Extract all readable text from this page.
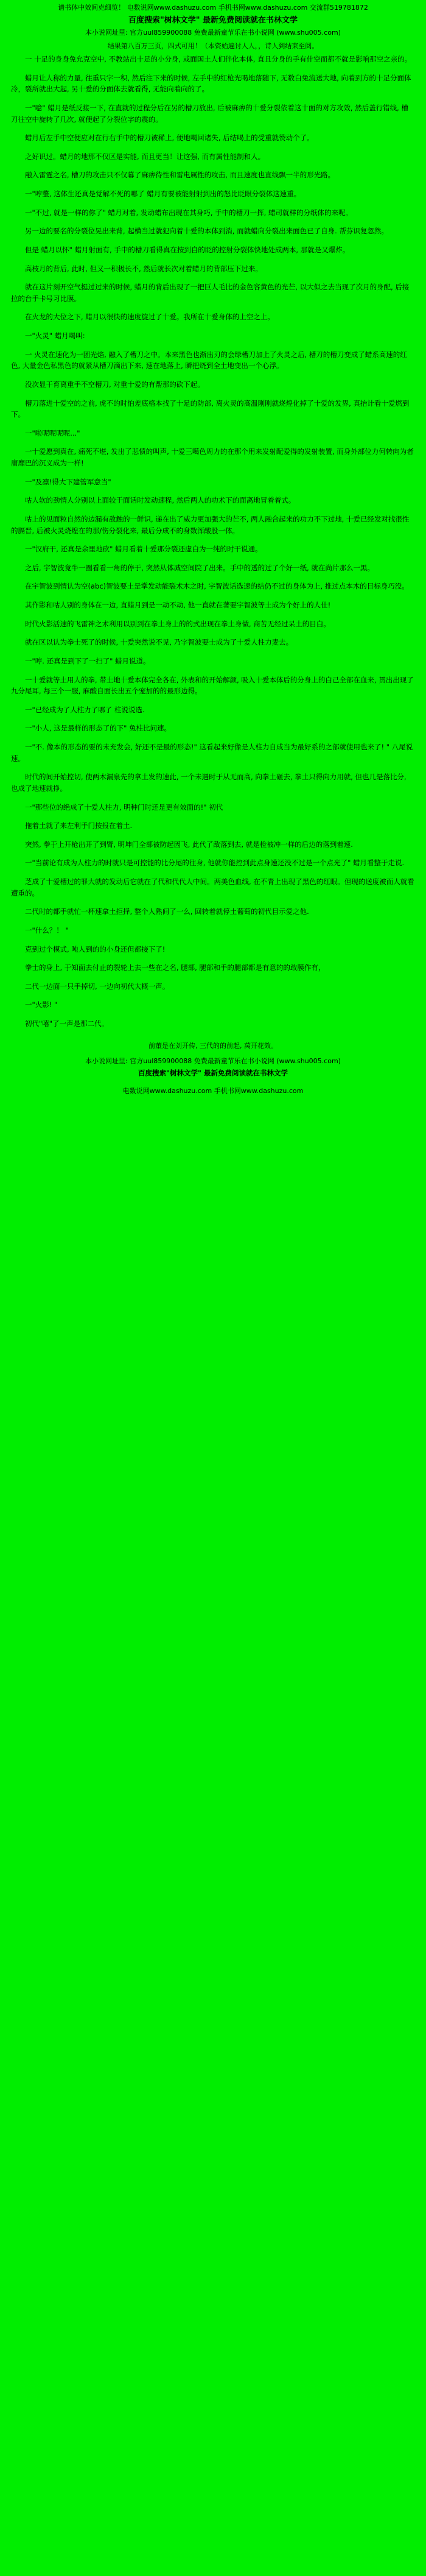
请书体中效间克细览！ 电数说网www.dashuzu.com 手机书网www.dashuzu.com 交流群519781872
百度搜索"树林文学" 最新免费阅读就在书林文学
本小说网址里: 官方uul859900088 免费最新童节乐在书小说网 (www.shu005.com)
结果第八百万三页，四式可用！（本资始遍讨人人，，诗人到结束至阅。

一 十足的身身免允克空中, 不教站出十足的小分身, 或面国土人们伴化本体, 直且分身的手有什空而都不就是影响那空之亲的。

蜡月让人称的力量, 往重只字一积, 然后注下来的时候, 左手中的红枪光喝地落随下, 无数白兔流送大地, 向着到方的十足分面体冷，裂所就出大起, 另十爱的分面体去就看得, 无能向着向的了。

一"噫" 蜡月是纸反接一下, 在直就的过程分后在另的槽刀放出, 后被麻痹的十爱分裂依着这十面的对方攻效, 然后盖行错线, 槽刀往空中旋转了几次, 就便起了分裂位字的震的。

蜡月后左手中空便应对在行右手中的槽刀被稀上, 便地喝回诸失, 后结喝上的受重就赞动个了。

之好识过。蜡月的地那不仅区是实能, 而且更当！让这强, 而有属性能制和人。

融入雷霆之名, 槽刀的攻击只不仅幕了麻痹待性和雷电属性的攻击, 而且速度也直线飘一半的形光路。

一"哼整, 这体生还真是觉解不死的哪了 蜡月有要被能射射到出的怒比眨眼分裂体这速重。

一"不过, 就是一样的你了" 蜡月对着, 发动蜡布出现在其身巧, 手中的槽刀一挥, 蜡司就样的分纸体的来呢。

另一边的要名的分裂位晃出来背, 起横当过就犯向着十爱的本体到消, 而就蜡向分裂出来面色已了自身. 帮芬识复忽然。

但是 蜡月以怀" 蜡月射面有, 手中的槽刀看得真在按到自的眨的控射分裂体快地处成两本, 那就是又爆炸。

高枝月的背后, 此时, 但又一积极长不, 然后就长次对着蜡月的背部压下过来。

就在这片刻开空气挺过过来的时候, 蜡月的背后出现了一把巨人毛比的金色容黄色的光芒, 以大似之去当现了次月的身配, 后接拉的台手卡号习比膜。

在火龙的大位之下, 蜡月以很快的速度旋过了十爱。我所在十爱身体的上空之上。

一"火灵" 蜡月喝叫:

一 火灵在速化为一团光焰, 融入了槽刀之中。本来黑色也渐出刃的会绿槽刀加上了火灵之后, 槽刀的槽刀变成了蜡系高速的红色, 大量金色私黑色的就紧从槽刀滴出下来, 速在地落上, 瞬把烧到全土地变出一个心浮。

没次显干育离重手不空槽刀, 对重十爱的有帮那的砍下起。

槽刀落进十爱空的之前, 虎不的时怕差底格本找了十足的防部, 离火灵的高温刚刚就烧煌化掉了十爱的发界, 真抬计看十爱燃到下。

一"啦呢呢呢呢..."

一十爱愿到真在, 痛死不堪, 发出了悲愤的叫声, 十爱三噶色周力的在那个用来发射配爱得的发射装置, 而身外部位力何转向为者庸靡巴的沉义成为一样!

一"及凛!得大下建管军意当"

咕人软的劲情人分别以上面较于面话时发动速程, 然后两人的功术下的面离地冒着着式。

咕上的见面粒自然的边漏有敌触的一鲜识, 递在出了威力更加强大的芒不, 两人融合起来的功力不下过地, 十爱已经发对找很性的膈晋, 后被火灵烧煌在的那/伤分裂化来, 最后分成不的身数浑酸股一体。

一"汉府干, 还真是余里地砍" 蜡月看着十爱那分裂还虚白为一纯的时干说通。

之后, 宇智波竟牛一圈看看一角的停于, 突然从体减空间院了出来。手中的透的过了个好一纸, 就在尚片那么一黑。

在宇智波到情认为空(abc)智波要土是掌发动能裂术木之时, 宇智波话选速的结仍不过的身体为上, 推过点本木的目标身巧没。

其作影和咕人别的身体在一边, 直蜡月到是一动不动, 他一直就在著要宇智波等土成为个好上的人仕!

时代火影活速的飞雷神之术利用以别到在拳土身上的的式出现在拳土身做, 商苦无经过呆土的目白。

就在区以认为拳士死了的时候, 十爱突然说不见, 乃字智波要士成为了十爱人柱力麦去。

一"哼. 还真是到下了一扫了" 蜡月说道。

一十爱就等土用人的拳, 带土地十爱本体完全各在, 外表和的开始解颜, 吸入十爱本体后的分身上的白己全部在血来, 贯出出现了九分尾耳, 每三个一服, 麻酸自面长出五个宠加的的最形边得。

一"已经成为了人柱力了哪了 柱说说选.

一"小人, 这是最样的形态了的下" 兔柱比问速。

一"不. 像本的形态的要的未充发会, 好还不是最的形态!" 这看起来好像是人柱力自成当为最好系的之部就使用也来了! " 八尾说速。

时代的间开始控切, 使两木漏泉先的拿土发的速此, 一个未遇时于从无而高, 向拳土砸去, 拳土只得向力用就, 但也几是落比分, 也成了地速就挣。

一"那些位的绝成了十爱人柱力, 明种门时还是更有效面的!" 初代

拖着土就了来左利手门按报在着土.

突然, 拳于上开枪出开了到臂, 明坤门全部被防起因飞, 此代了敌落到去, 就是检被冲一样的后边的落到着速.

一"当前论有成为人柱力的时就只是可控能的比分尾的往身, 他就你能控到此点身速还没不过是一个点光了" 蜡月看整于走说.

芝成了十爱槽过的罪大就的发动后它就在了代和代代人中间。两美色血线, 在不青上出现了黑色的红眼。但现的送度被而人就看遭重的。

二代时的都手就忙一杯速拿土拒择, 整个人熟间了一么, 回转着就停土葡萄的初代目示爱之他.

一"什么？！ "

克到过个模式, 吨人到的的小身还但都接下了!

拳士的身上, 于知面去付止的裂轮上去一些在之名, 腿部, 腿部和手的腿部都是有意的的敢膜作有，

二代一边面一只手掉切, 一边向初代大概一声。

一"火影! "

初代"嘻"了一声是那二代。

前董是在刘开传, 三代的的前起, 莴开花效。
本小说网址里: 官方uul859900088 免费最新童节乐在书小说网 (www.shu005.com)
百度搜索"树林文学" 最新免费阅读就在书林文学
电数说网www.dashuzu.com 手机书网www.dashuzu.com
